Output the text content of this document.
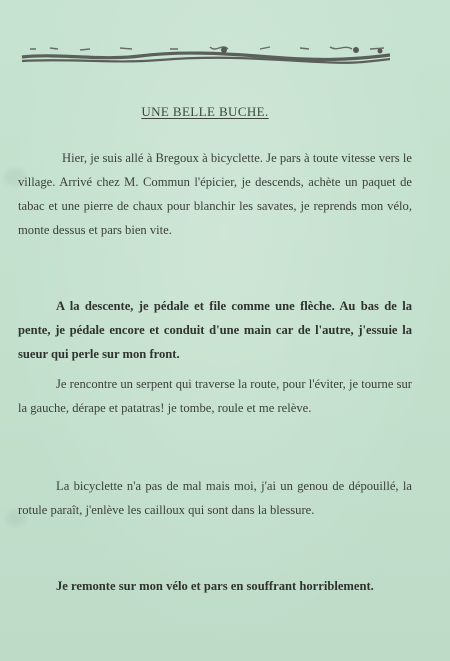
UNE BELLE BUCHE.
Hier, je suis allé à Bregoux à bicyclette. Je pars à toute vitesse vers le village. Arrivé chez M. Commun l'épicier, je descends, achète un paquet de tabac et une pierre de chaux pour blanchir les savates, je reprends mon vélo, monte dessus et pars bien vite.
A la descente, je pédale et file comme une flèche. Au bas de la pente, je pédale encore et conduit d'une main car de l'autre, j'essuie la sueur qui perle sur mon front.
Je rencontre un serpent qui traverse la route, pour l'éviter, je tourne sur la gauche, dérape et patatras! je tombe, roule et me relève.
La bicyclette n'a pas de mal mais moi, j'ai un genou de dépouillé, la rotule paraît, j'enlève les cailloux qui sont dans la blessure.
Je remonte sur mon vélo et pars en souffrant horriblement.
